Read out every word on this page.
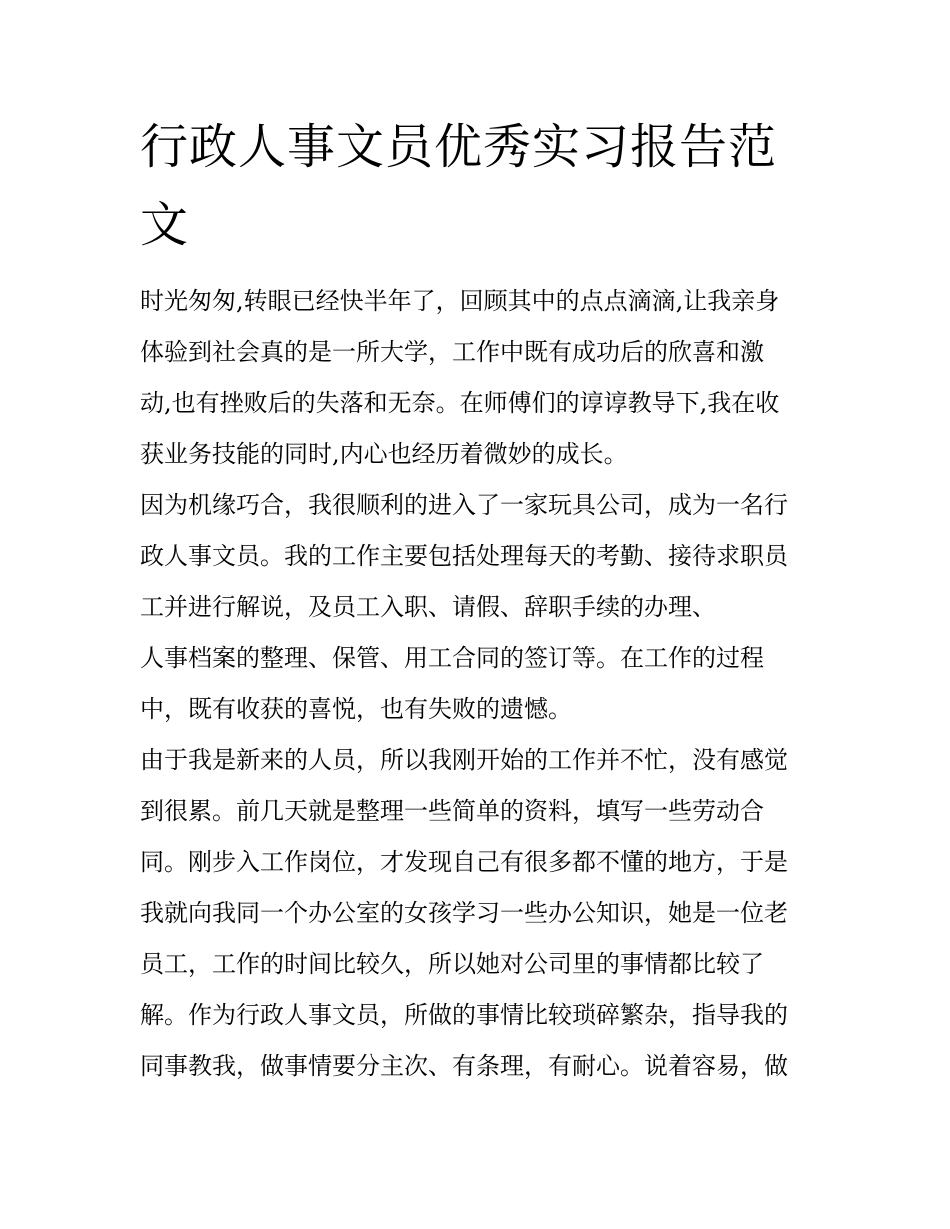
行政人事文员优秀实习报告范文
时光匆匆,转眼已经快半年了，回顾其中的点点滴滴,让我亲身
体验到社会真的是一所大学，工作中既有成功后的欣喜和激
动,也有挫败后的失落和无奈。在师傅们的谆谆教导下,我在收
获业务技能的同时,内心也经历着微妙的成长。
因为机缘巧合，我很顺利的进入了一家玩具公司，成为一名行
政人事文员。我的工作主要包括处理每天的考勤、接待求职员
工并进行解说，及员工入职、请假、辞职手续的办理、
人事档案的整理、保管、用工合同的签订等。在工作的过程
中，既有收获的喜悦，也有失败的遗憾。
由于我是新来的人员，所以我刚开始的工作并不忙，没有感觉
到很累。前几天就是整理一些简单的资料，填写一些劳动合
同。刚步入工作岗位，才发现自己有很多都不懂的地方，于是
我就向我同一个办公室的女孩学习一些办公知识，她是一位老
员工，工作的时间比较久，所以她对公司里的事情都比较了
解。作为行政人事文员，所做的事情比较琐碎繁杂，指导我的
同事教我，做事情要分主次、有条理，有耐心。说着容易，做
